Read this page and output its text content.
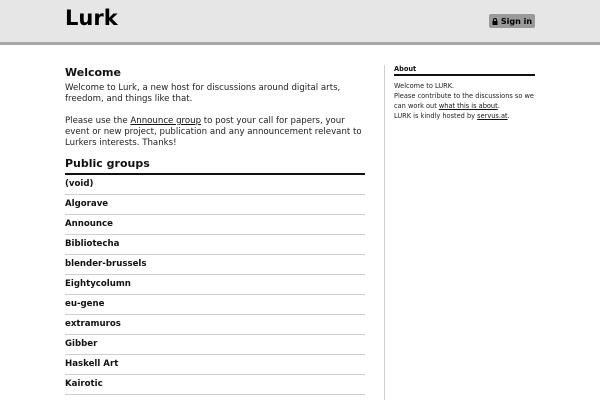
Lurk	Sign in
Welcome

Welcome to Lurk, a new host for discussions around digital arts, freedom, and things like that.

Please use the Announce group to post your call for papers, your event or new project, publication and any announcement relevant to Lurkers interests. Thanks!

Public groups
(void)
Algorave
Announce
Bibliotecha
blender-brussels
Eightycolumn
eu-gene
extramuros
Gibber
Haskell Art
Kairotic
About

Welcome to LURK.
Please contribute to the discussions so we can work out what this is about.
LURK is kindly hosted by servus.at.
